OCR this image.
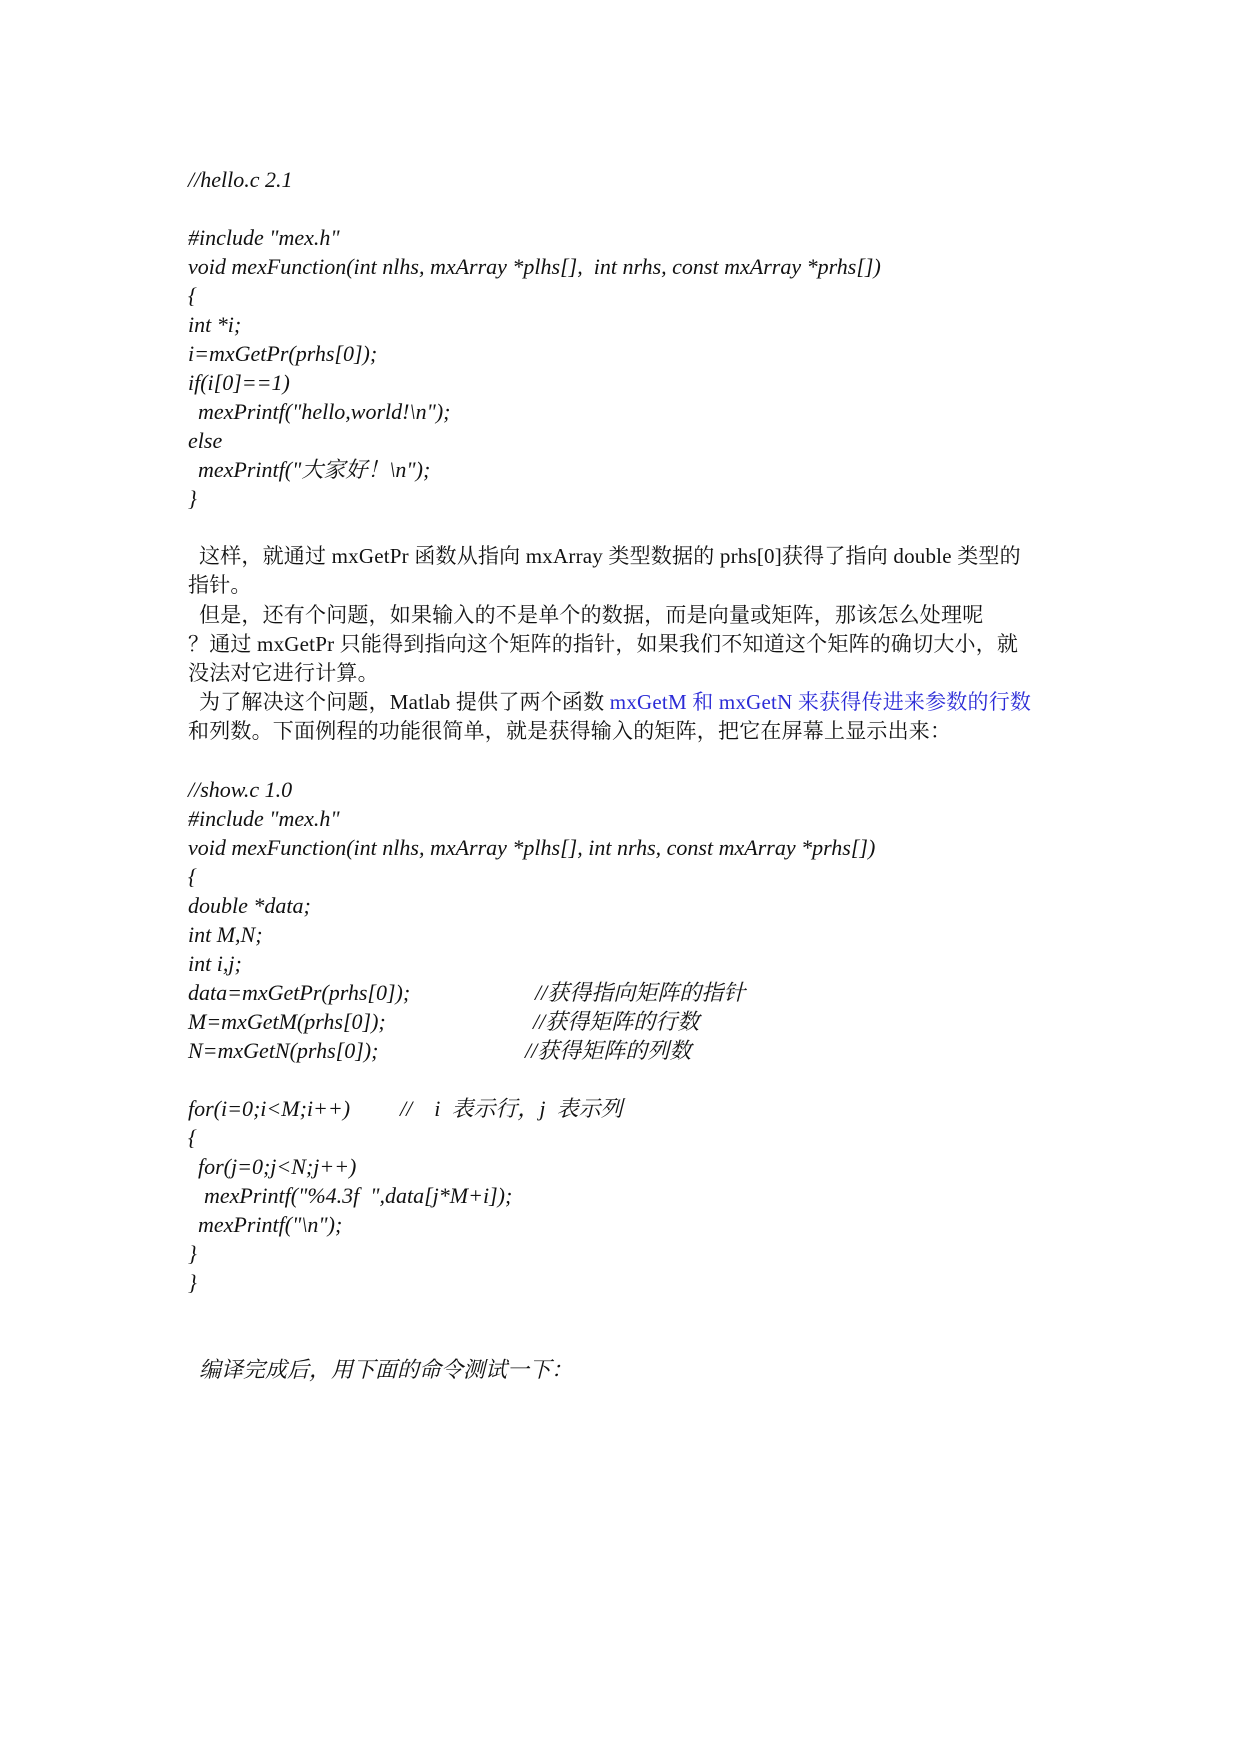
//hello.c 2.1
#include "mex.h"
void mexFunction(int nlhs, mxArray *plhs[],  int nrhs, const mxArray *prhs[])
{
int *i;
i=mxGetPr(prhs[0]);
if(i[0]==1)
mexPrintf("hello,world!\n");
else
mexPrintf("大家好！\n");
}
这样，就通过 mxGetPr 函数从指向 mxArray 类型数据的 prhs[0]获得了指向 double 类型的
指针。
但是，还有个问题，如果输入的不是单个的数据，而是向量或矩阵，那该怎么处理呢
？通过 mxGetPr 只能得到指向这个矩阵的指针，如果我们不知道这个矩阵的确切大小，就
没法对它进行计算。
为了解决这个问题，Matlab 提供了两个函数 mxGetM 和 mxGetN 来获得传进来参数的行数
和列数。下面例程的功能很简单，就是获得输入的矩阵，把它在屏幕上显示出来：
//show.c 1.0
#include "mex.h"
void mexFunction(int nlhs, mxArray *plhs[], int nrhs, const mxArray *prhs[])
{
double *data;
int M,N;
int i,j;
data=mxGetPr(prhs[0]);	//获得指向矩阵的指针
M=mxGetM(prhs[0]);	//获得矩阵的行数
N=mxGetN(prhs[0]);	//获得矩阵的列数
for(i=0;i<M;i++) //    i  表示行，j  表示列
{
for(j=0;j<N;j++)
mexPrintf("%4.3f  ",data[j*M+i]);
mexPrintf("\n");
}
}
编译完成后，用下面的命令测试一下：
